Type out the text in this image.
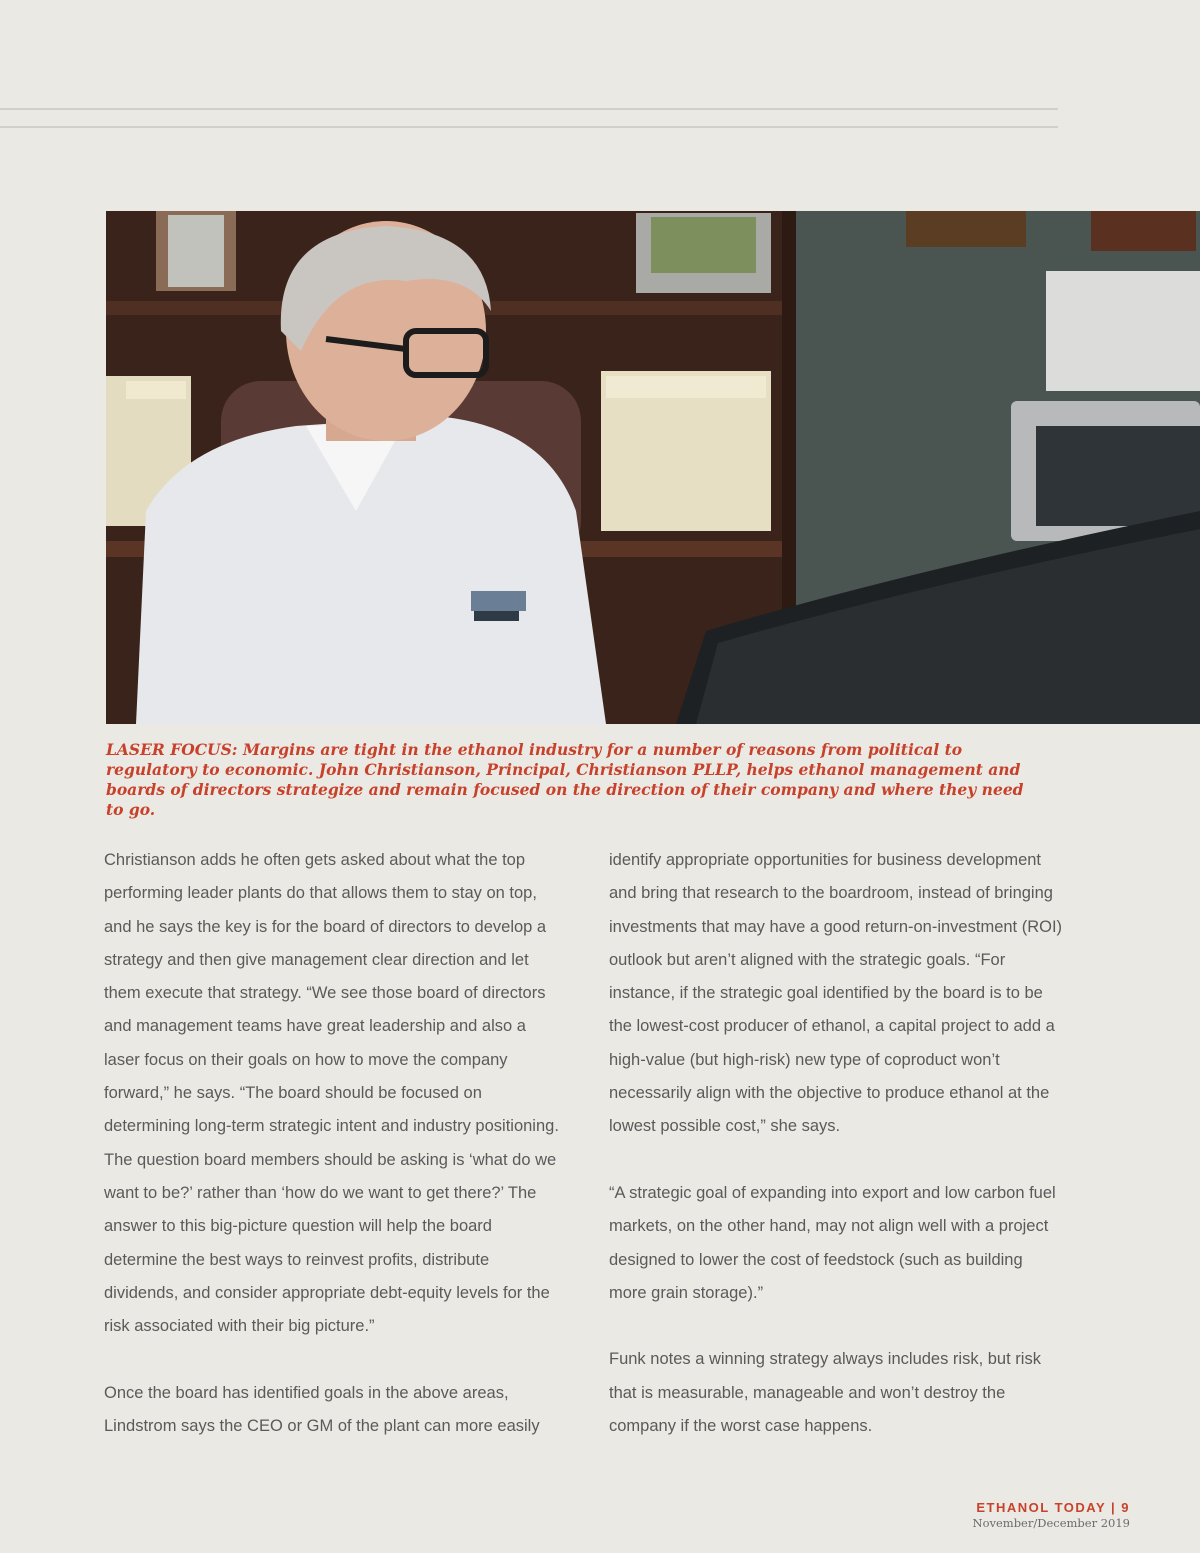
LASER FOCUS: Margins are tight in the ethanol industry for a number of reasons from political to regulatory to economic. John Christianson, Principal, Christianson PLLP, helps ethanol management and boards of directors strategize and remain focused on the direction of their company and where they need to go.

Christianson adds he often gets asked about what the top performing leader plants do that allows them to stay on top, and he says the key is for the board of directors to develop a strategy and then give management clear direction and let them execute that strategy. “We see those board of directors and management teams have great leadership and also a laser focus on their goals on how to move the company forward,” he says. “The board should be focused on determining long-term strategic intent and industry positioning. The question board members should be asking is ‘what do we want to be?’ rather than ‘how do we want to get there?’ The answer to this big-picture question will help the board determine the best ways to reinvest profits, distribute dividends, and consider appropriate debt-equity levels for the risk associated with their big picture.”

Once the board has identified goals in the above areas, Lindstrom says the CEO or GM of the plant can more easily

identify appropriate opportunities for business development and bring that research to the boardroom, instead of bringing investments that may have a good return-on-investment (ROI) outlook but aren’t aligned with the strategic goals. “For instance, if the strategic goal identified by the board is to be the lowest-cost producer of ethanol, a capital project to add a high-value (but high-risk) new type of coproduct won’t necessarily align with the objective to produce ethanol at the lowest possible cost,” she says.

“A strategic goal of expanding into export and low carbon fuel markets, on the other hand, may not align well with a project designed to lower the cost of feedstock (such as building more grain storage).”

Funk notes a winning strategy always includes risk, but risk that is measurable, manageable and won’t destroy the company if the worst case happens.

ETHANOL TODAY | 9
November/December 2019
